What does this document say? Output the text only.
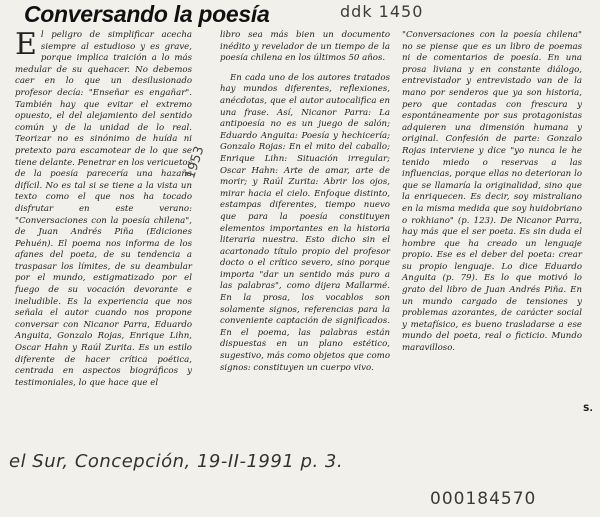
Conversando la poesía	ddk 1450

El peligro de simplificar acecha siempre al estudioso y es grave, porque implica traición a lo más medular de su quehacer. No debemos caer en lo que un desilusionado profesor decía: "Enseñar es engañar". También hay que evitar el extremo opuesto, el del alejamiento del sentido común y de la unidad de lo real. Teorizar no es sinónimo de huída ni pretexto para escamotear de lo que se tiene delante. Penetrar en los vericuetos de la poesía parecería una hazaña difícil. No es tal si se tiene a la vista un texto como el que nos ha tocado disfrutar en este verano: "Conversaciones con la poesía chilena", de Juan Andrés Piña (Ediciones Pehuén). El poema nos informa de los afanes del poeta, de su tendencia a traspasar los límites, de su deambular por el mundo, estigmatizado por el fuego de su vocación devorante e ineludible. Es la experiencia que nos señala el autor cuando nos propone conversar con Nicanor Parra, Eduardo Anguita, Gonzalo Rojas, Enrique Lihn, Oscar Hahn y Raúl Zurita. Es un estilo diferente de hacer crítica poética, centrada en aspectos biográficos y testimoniales, lo que hace que el

1953

libro sea más bien un documento inédito y revelador de un tiempo de la poesía chilena en los últimos 50 años.

En cada uno de los autores tratados hay mundos diferentes, reflexiones, anécdotas, que el autor autocalifica en una frase. Así, Nicanor Parra: La antipoesía no es un juego de salón; Eduardo Anguita: Poesía y hechicería; Gonzalo Rojas: En el mito del caballo; Enrique Lihn: Situación irregular; Oscar Hahn: Arte de amar, arte de morir; y Raúl Zurita: Abrir los ojos, mirar hacia el cielo. Enfoque distinto, estampas diferentes, tiempo nuevo que para la poesía constituyen elementos importantes en la historia literaria nuestra. Esto dicho sin el acartonado título propio del profesor docto o el crítico severo, sino porque importa "dar un sentido más puro a las palabras", como dijera Mallarmé. En la prosa, los vocablos son solamente signos, referencias para la conveniente captación de significados. En el poema, las palabras están dispuestas en un plano estético, sugestivo, más como objetos que como signos: constituyen un cuerpo vivo.

"Conversaciones con la poesía chilena" no se piense que es un libro de poemas ni de comentarios de poesía. En una prosa liviana y en constante diálogo, entrevistador y entrevistado van de la mano por senderos que ya son historia, pero que contadas con frescura y espontáneamente por sus protagonistas adquieren una dimensión humana y original. Confesión de parte: Gonzalo Rojas interviene y dice "yo nunca le he tenido miedo o reservas a las influencias, porque ellas no deterioran lo que se llamaría la originalidad, sino que la enriquecen. Es decir, soy mistraliano en la misma medida que soy huidobriano o rokhiano" (p. 123). De Nicanor Parra, hay más que el ser poeta. Es sin duda el hombre que ha creado un lenguaje propio. Ese es el deber del poeta: crear su propio lenguaje. Lo dice Eduardo Anguita (p. 79). Es lo que motivó lo grato del libro de Juan Andrés Piña. En un mundo cargado de tensiones y problemas azorantes, de carácter social y metafísico, es bueno trasladarse a ese mundo del poeta, real o ficticio. Mundo maravilloso.

S.
el Sur, Concepción, 19-II-1991 p. 3.
000184570
